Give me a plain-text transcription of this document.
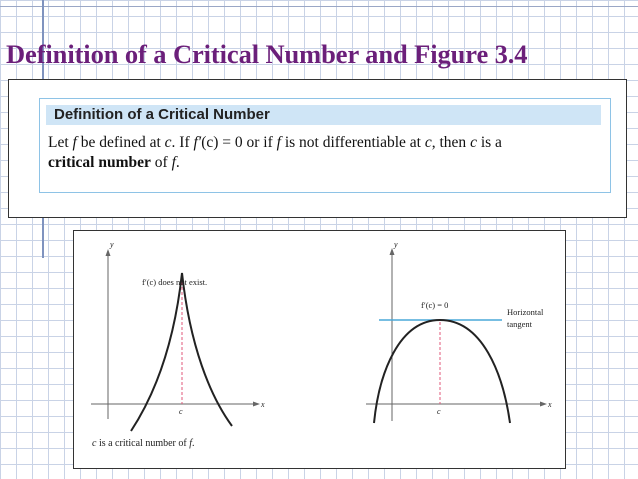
Definition of a Critical Number and Figure 3.4
Definition of a Critical Number
Let f be defined at c. If f′(c) = 0 or if f is not differentiable at c, then c is a
critical number of f.
y
x
f′(c) does not exist.
c
y
x
f′(c) = 0
Horizontal
tangent
c
c is a critical number of f.
